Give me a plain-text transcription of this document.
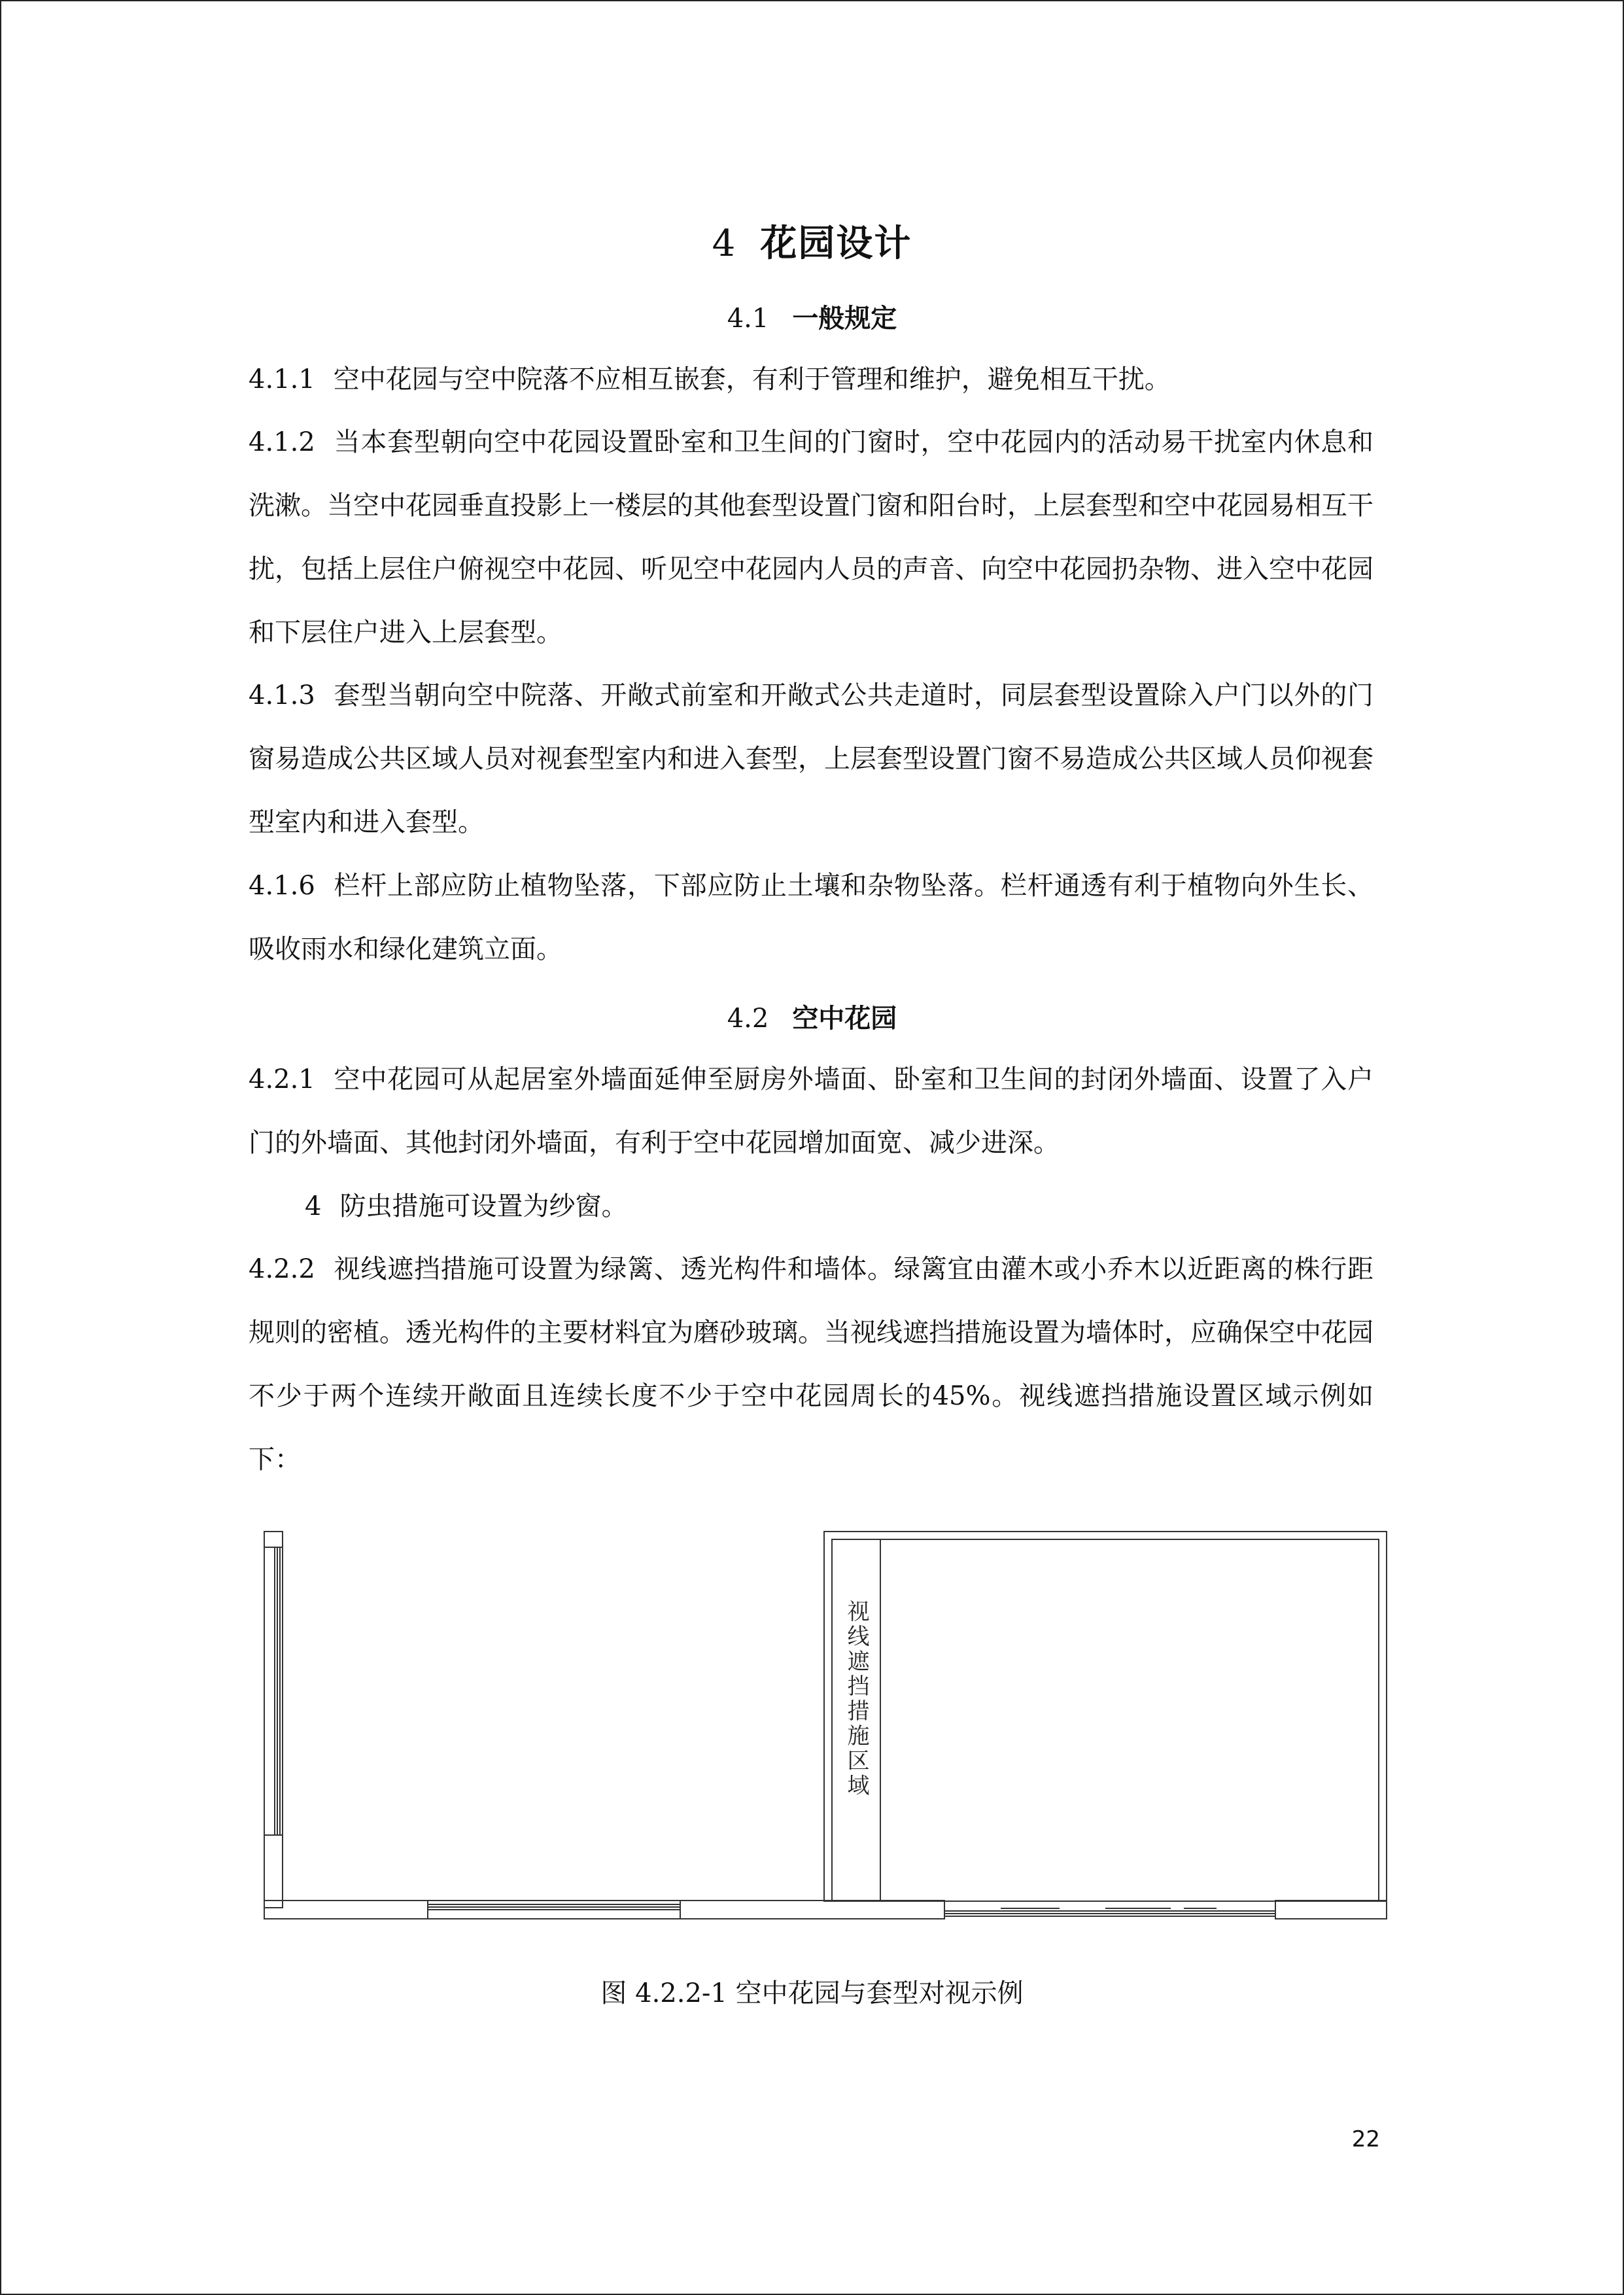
4 花园设计
4.1 一般规定

4.1.1 空中花园与空中院落不应相互嵌套，有利于管理和维护，避免相互干扰。

4.1.2 当本套型朝向空中花园设置卧室和卫生间的门窗时，空中花园内的活动易干扰室内休息和洗漱。当空中花园垂直投影上一楼层的其他套型设置门窗和阳台时，上层套型和空中花园易相互干扰，包括上层住户俯视空中花园、听见空中花园内人员的声音、向空中花园扔杂物、进入空中花园和下层住户进入上层套型。

4.1.3 套型当朝向空中院落、开敞式前室和开敞式公共走道时，同层套型设置除入户门以外的门窗易造成公共区域人员对视套型室内和进入套型，上层套型设置门窗不易造成公共区域人员仰视套型室内和进入套型。

4.1.6 栏杆上部应防止植物坠落，下部应防止土壤和杂物坠落。栏杆通透有利于植物向外生长、吸收雨水和绿化建筑立面。

4.2 空中花园

4.2.1 空中花园可从起居室外墙面延伸至厨房外墙面、卧室和卫生间的封闭外墙面、设置了入户门的外墙面、其他封闭外墙面，有利于空中花园增加面宽、减少进深。

4 防虫措施可设置为纱窗。

4.2.2 视线遮挡措施可设置为绿篱、透光构件和墙体。绿篱宜由灌木或小乔木以近距离的株行距规则的密植。透光构件的主要材料宜为磨砂玻璃。当视线遮挡措施设置为墙体时，应确保空中花园不少于两个连续开敞面且连续长度不少于空中花园周长的45%。视线遮挡措施设置区域示例如下：

视线遮挡措施区域
图 4.2.2-1 空中花园与套型对视示例
22
